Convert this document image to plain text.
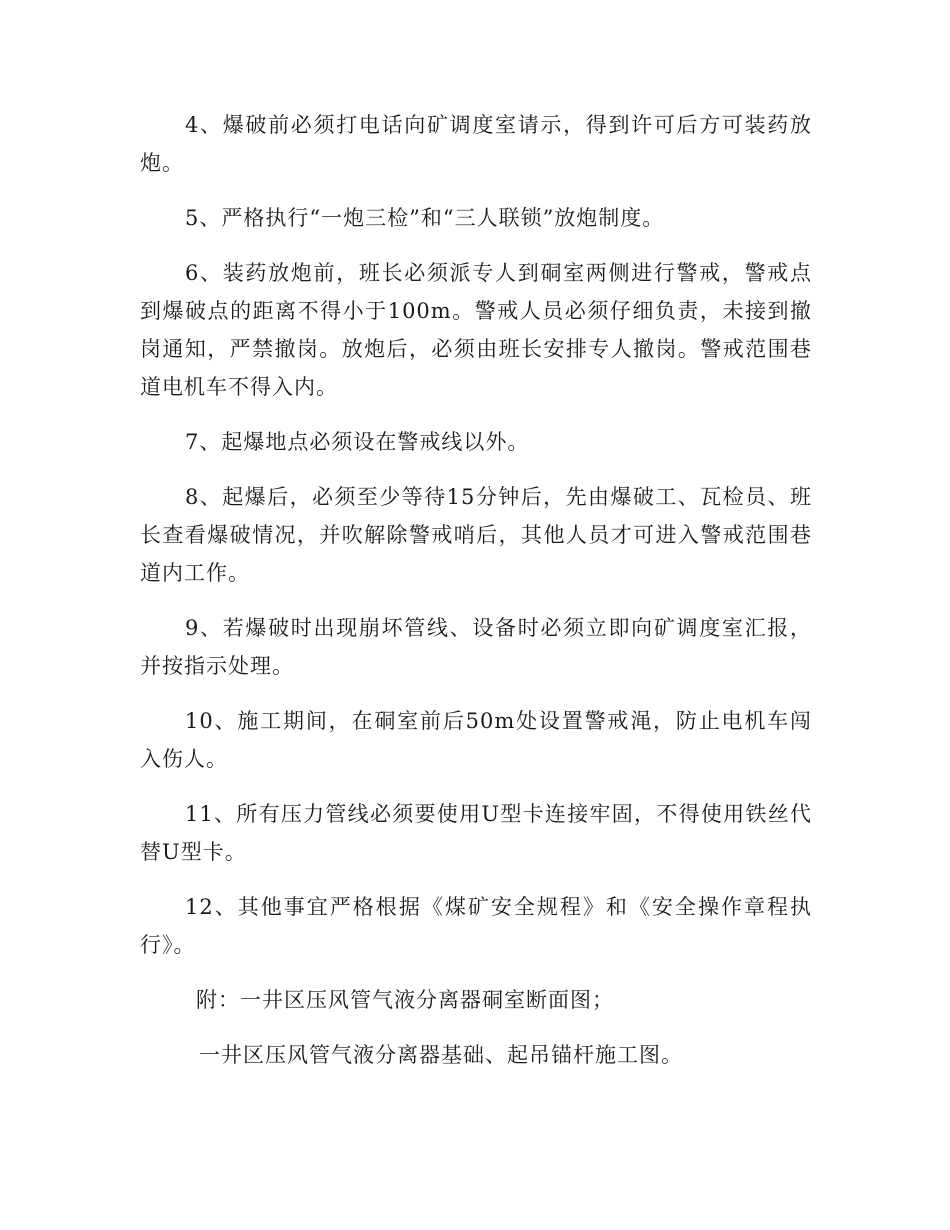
4、爆破前必须打电话向矿调度室请示，得到许可后方可装药放炮。

5、严格执行“一炮三检”和“三人联锁”放炮制度。

6、装药放炮前，班长必须派专人到硐室两侧进行警戒，警戒点到爆破点的距离不得小于100m。警戒人员必须仔细负责，未接到撤岗通知，严禁撤岗。放炮后，必须由班长安排专人撤岗。警戒范围巷道电机车不得入内。

7、起爆地点必须设在警戒线以外。

8、起爆后，必须至少等待15分钟后，先由爆破工、瓦检员、班长查看爆破情况，并吹解除警戒哨后，其他人员才可进入警戒范围巷道内工作。

9、若爆破时出现崩坏管线、设备时必须立即向矿调度室汇报，并按指示处理。

10、施工期间，在硐室前后50m处设置警戒渑，防止电机车闯入伤人。

11、所有压力管线必须要使用U型卡连接牢固，不得使用铁丝代替U型卡。

12、其他事宜严格根据《煤矿安全规程》和《安全操作章程执行》。

附：一井区压风管气液分离器硐室断面图；

一井区压风管气液分离器基础、起吊锚杆施工图。
